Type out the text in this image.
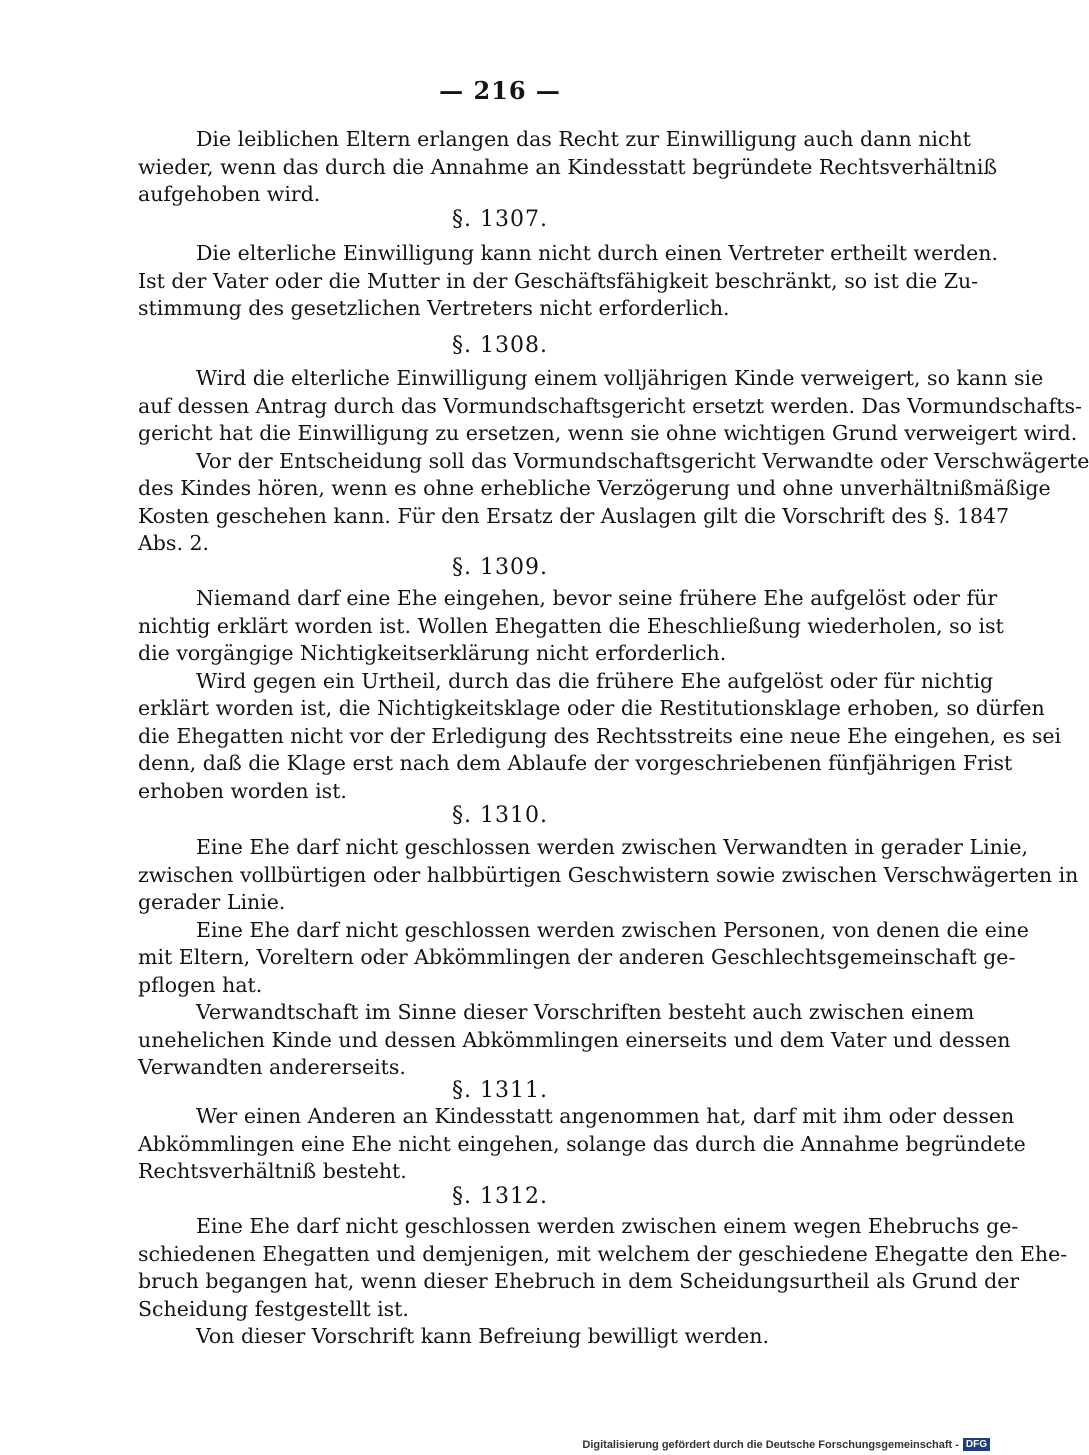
— 216 —
Die leiblichen Eltern erlangen das Recht zur Einwilligung auch dann nicht
wieder, wenn das durch die Annahme an Kindesstatt begründete Rechtsverhältniß
aufgehoben wird.
§. 1307.
Die elterliche Einwilligung kann nicht durch einen Vertreter ertheilt werden.
Ist der Vater oder die Mutter in der Geschäftsfähigkeit beschränkt, so ist die Zu-
stimmung des gesetzlichen Vertreters nicht erforderlich.
§. 1308.
Wird die elterliche Einwilligung einem volljährigen Kinde verweigert, so kann sie
auf dessen Antrag durch das Vormundschaftsgericht ersetzt werden. Das Vormundschafts-
gericht hat die Einwilligung zu ersetzen, wenn sie ohne wichtigen Grund verweigert wird.
Vor der Entscheidung soll das Vormundschaftsgericht Verwandte oder Verschwägerte
des Kindes hören, wenn es ohne erhebliche Verzögerung und ohne unverhältnißmäßige
Kosten geschehen kann. Für den Ersatz der Auslagen gilt die Vorschrift des §. 1847
Abs. 2.
§. 1309.
Niemand darf eine Ehe eingehen, bevor seine frühere Ehe aufgelöst oder für
nichtig erklärt worden ist. Wollen Ehegatten die Eheschließung wiederholen, so ist
die vorgängige Nichtigkeitserklärung nicht erforderlich.
Wird gegen ein Urtheil, durch das die frühere Ehe aufgelöst oder für nichtig
erklärt worden ist, die Nichtigkeitsklage oder die Restitutionsklage erhoben, so dürfen
die Ehegatten nicht vor der Erledigung des Rechtsstreits eine neue Ehe eingehen, es sei
denn, daß die Klage erst nach dem Ablaufe der vorgeschriebenen fünfjährigen Frist
erhoben worden ist.
§. 1310.
Eine Ehe darf nicht geschlossen werden zwischen Verwandten in gerader Linie,
zwischen vollbürtigen oder halbbürtigen Geschwistern sowie zwischen Verschwägerten in
gerader Linie.
Eine Ehe darf nicht geschlossen werden zwischen Personen, von denen die eine
mit Eltern, Voreltern oder Abkömmlingen der anderen Geschlechtsgemeinschaft ge-
pflogen hat.
Verwandtschaft im Sinne dieser Vorschriften besteht auch zwischen einem
unehelichen Kinde und dessen Abkömmlingen einerseits und dem Vater und dessen
Verwandten andererseits.
§. 1311.
Wer einen Anderen an Kindesstatt angenommen hat, darf mit ihm oder dessen
Abkömmlingen eine Ehe nicht eingehen, solange das durch die Annahme begründete
Rechtsverhältniß besteht.
§. 1312.
Eine Ehe darf nicht geschlossen werden zwischen einem wegen Ehebruchs ge-
schiedenen Ehegatten und demjenigen, mit welchem der geschiedene Ehegatte den Ehe-
bruch begangen hat, wenn dieser Ehebruch in dem Scheidungsurtheil als Grund der
Scheidung festgestellt ist.
Von dieser Vorschrift kann Befreiung bewilligt werden.
Digitalisierung gefördert durch die Deutsche Forschungsgemeinschaft - DFG
